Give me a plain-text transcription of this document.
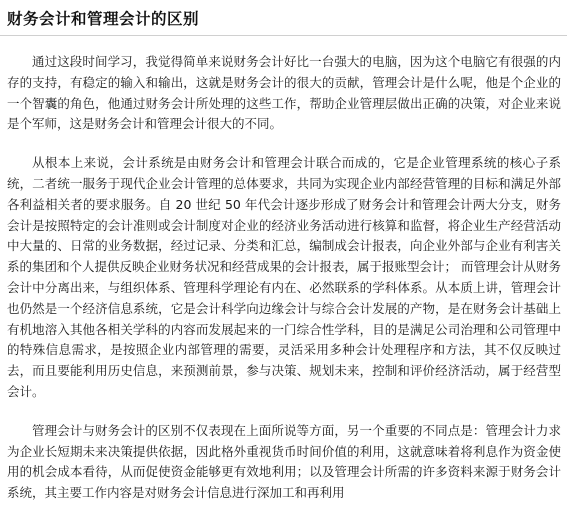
财务会计和管理会计的区别

通过这段时间学习，我觉得简单来说财务会计好比一台强大的电脑，因为这个电脑它有很强的内存的支持，有稳定的输入和输出，这就是财务会计的很大的贡献，管理会计是什么呢，他是个企业的一个智囊的角色，他通过财务会计所处理的这些工作，帮助企业管理层做出正确的决策，对企业来说是个军师，这是财务会计和管理会计很大的不同。

从根本上来说，会计系统是由财务会计和管理会计联合而成的，它是企业管理系统的核心子系统，二者统一服务于现代企业会计管理的总体要求，共同为实现企业内部经营管理的目标和满足外部各利益相关者的要求服务。自 20 世纪 50 年代会计逐步形成了财务会计和管理会计两大分支，财务会计是按照特定的会计准则或会计制度对企业的经济业务活动进行核算和监督，将企业生产经营活动中大量的、日常的业务数据，经过记录、分类和汇总，编制成会计报表，向企业外部与企业有利害关系的集团和个人提供反映企业财务状况和经营成果的会计报表，属于报账型会计； 而管理会计从财务会计中分离出来，与组织体系、管理科学理论有内在、必然联系的学科体系。从本质上讲，管理会计也仍然是一个经济信息系统，它是会计科学向边缘会计与综合会计发展的产物，是在财务会计基础上有机地溶入其他各相关学科的内容而发展起来的一门综合性学科，目的是满足公司治理和公司管理中的特殊信息需求，是按照企业内部管理的需要，灵活采用多种会计处理程序和方法，其不仅反映过去，而且要能利用历史信息，来预测前景，参与决策、规划未来，控制和评价经济活动，属于经营型会计。

管理会计与财务会计的区别不仅表现在上面所说等方面，另一个重要的不同点是：管理会计力求为企业长短期未来决策提供依据，因此格外重视货币时间价值的利用，这就意味着将利息作为资金使用的机会成本看待，从而促使资金能够更有效地利用；以及管理会计所需的许多资料来源于财务会计系统，其主要工作内容是对财务会计信息进行深加工和再利用
